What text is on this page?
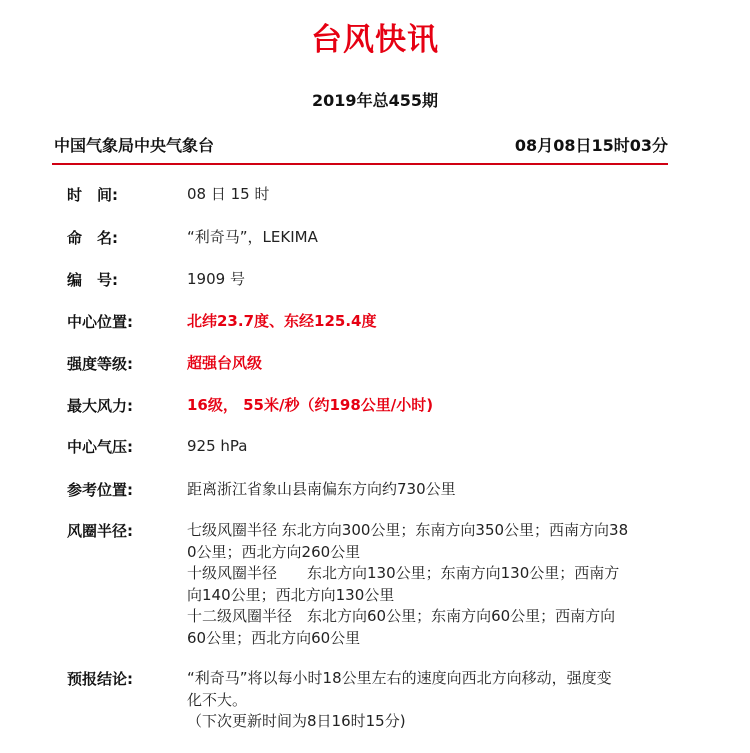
台风快讯
2019年总455期
中国气象局中央气象台	08月08日15时03分
时　间:	08 日 15 时
命　名:	“利奇马”，LEKIMA
编　号:	1909 号
中心位置:	北纬23.7度、东经125.4度
强度等级:	超强台风级
最大风力:	16级， 55米/秒（约198公里/小时)
中心气压:	925 hPa
参考位置:	距离浙江省象山县南偏东方向约730公里
风圈半径:	七级风圈半径 东北方向300公里；东南方向350公里；西南方向38
0公里；西北方向260公里
十级风圈半径　　东北方向130公里；东南方向130公里；西南方
向140公里；西北方向130公里
十二级风圈半径　东北方向60公里；东南方向60公里；西南方向
60公里；西北方向60公里
预报结论:	“利奇马”将以每小时18公里左右的速度向西北方向移动，强度变
化不大。
（下次更新时间为8日16时15分)
